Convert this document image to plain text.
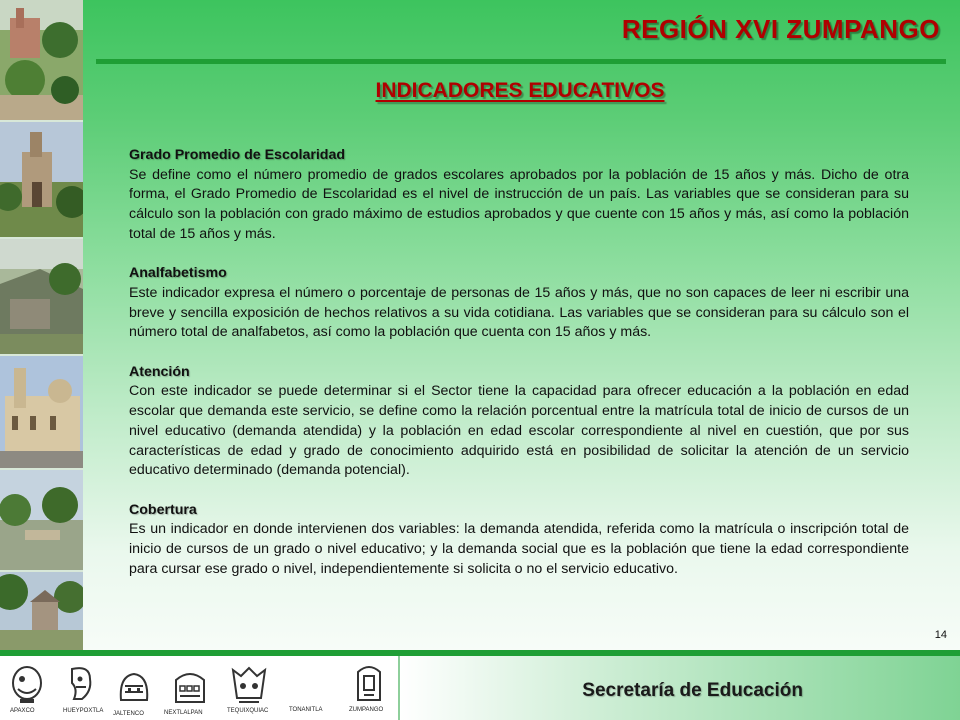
REGIÓN XVI ZUMPANGO
INDICADORES EDUCATIVOS
Grado Promedio de Escolaridad
Se define como el número promedio de grados escolares aprobados por la población de 15 años y más. Dicho de otra forma, el Grado Promedio de Escolaridad es el nivel de instrucción de un país. Las variables que se consideran para su cálculo son la población con grado máximo de estudios aprobados y que cuente con 15 años y más, así como la población total de 15 años y más.
Analfabetismo
Este indicador expresa el número o porcentaje de personas de 15 años y más, que no son capaces de leer ni escribir una breve y sencilla exposición de hechos relativos a su vida cotidiana. Las variables que se consideran para su cálculo son el número total de analfabetos, así como la población que cuenta con 15 años y más.
Atención
Con este indicador se puede determinar si el Sector tiene la capacidad para ofrecer educación a la población en edad escolar que demanda este servicio, se define como la relación porcentual entre la matrícula total de inicio de cursos de un nivel educativo (demanda atendida) y la población en edad escolar correspondiente al nivel en cuestión, que por sus características de edad y grado de conocimiento adquirido está en posibilidad de solicitar la atención de un servicio educativo determinado (demanda potencial).
Cobertura
Es un indicador en donde intervienen dos variables: la demanda atendida, referida como la matrícula o inscripción total de inicio de cursos de un grado o nivel educativo; y la demanda social que es la población que tiene la edad correspondiente para cursar ese grado o nivel, independientemente si solicita o no el servicio educativo.
14
APAXCO	HUEYPOXTLA JALTENCO	NEXTLALPAN	TEQUIXQUIAC	TONANITLA	ZUMPANGO
Secretaría de Educación
